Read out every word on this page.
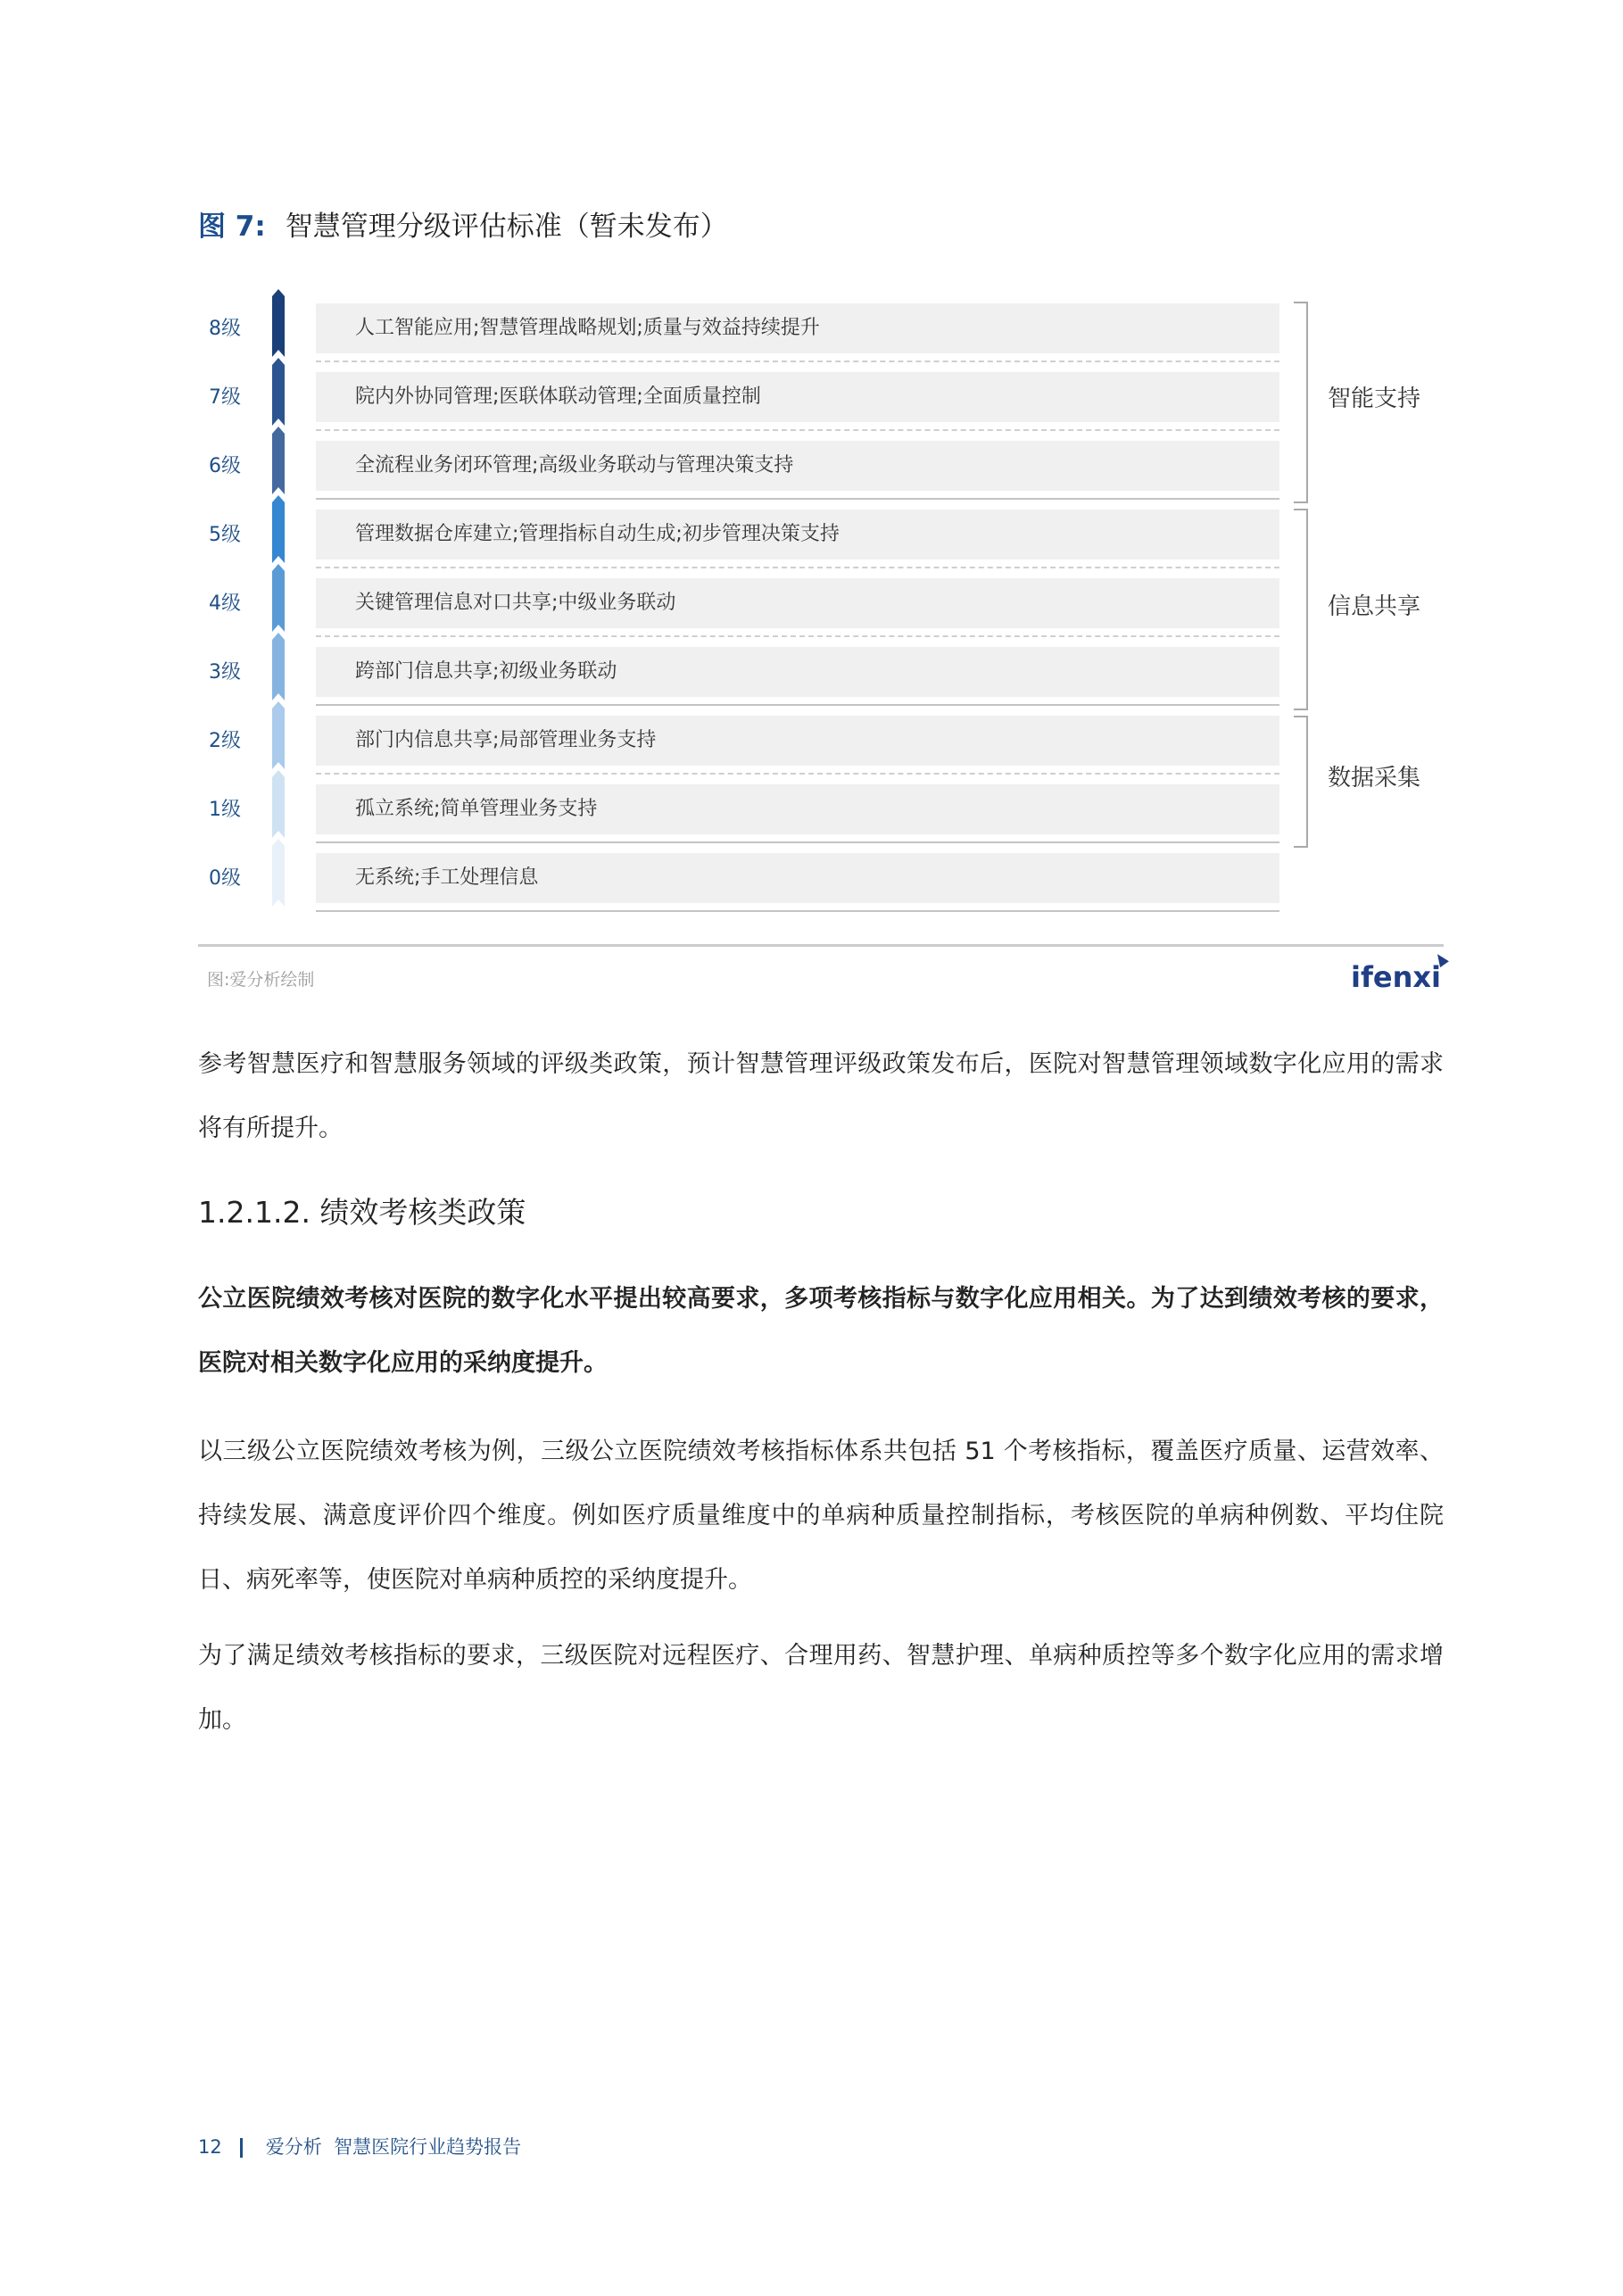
图 7: 智慧管理分级评估标准（暂未发布）
8级	人工智能应用;智慧管理战略规划;质量与效益持续提升
7级	院内外协同管理;医联体联动管理;全面质量控制
6级	全流程业务闭环管理;高级业务联动与管理决策支持
5级	管理数据仓库建立;管理指标自动生成;初步管理决策支持
4级	关键管理信息对口共享;中级业务联动
3级	跨部门信息共享;初级业务联动
2级	部门内信息共享;局部管理业务支持
1级	孤立系统;简单管理业务支持
0级	无系统;手工处理信息
智能支持
信息共享
数据采集
图:爱分析绘制	ifenxi
参考智慧医疗和智慧服务领域的评级类政策，预计智慧管理评级政策发布后，医院对智慧管理领域数字化应用的需求将有所提升。
1.2.1.2. 绩效考核类政策
公立医院绩效考核对医院的数字化水平提出较高要求，多项考核指标与数字化应用相关。为了达到绩效考核的要求，医院对相关数字化应用的采纳度提升。
以三级公立医院绩效考核为例，三级公立医院绩效考核指标体系共包括 51 个考核指标，覆盖医疗质量、运营效率、持续发展、满意度评价四个维度。例如医疗质量维度中的单病种质量控制指标，考核医院的单病种例数、平均住院日、病死率等，使医院对单病种质控的采纳度提升。
为了满足绩效考核指标的要求，三级医院对远程医疗、合理用药、智慧护理、单病种质控等多个数字化应用的需求增加。
12 爱分析 智慧医院行业趋势报告
